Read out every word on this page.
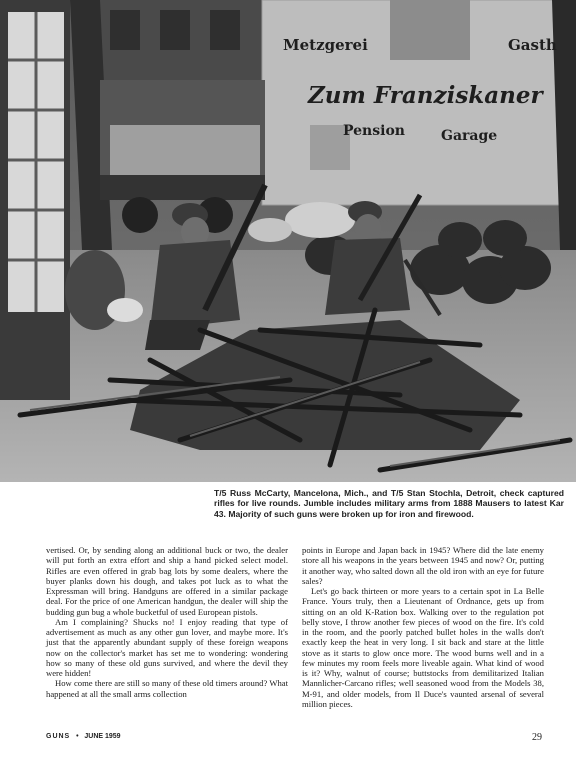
Metzgerei	Gasth
Zum Franziskaner
Pension	Garage
T/5 Russ McCarty, Mancelona, Mich., and T/5 Stan Stochla, Detroit, check captured rifles for live rounds. Jumble includes military arms from 1888 Mausers to latest Kar 43. Majority of such guns were broken up for iron and firewood.

vertised. Or, by sending along an additional buck or two, the dealer will put forth an extra effort and ship a hand picked select model. Rifles are even offered in grab bag lots by some dealers, where the buyer planks down his dough, and takes pot luck as to what the Expressman will bring. Handguns are offered in a similar package deal. For the price of one American handgun, the dealer will ship the budding gun bug a whole bucketful of used European pistols.

Am I complaining? Shucks no! I enjoy reading that type of advertisement as much as any other gun lover, and maybe more. It's just that the apparently abundant supply of these foreign weapons now on the collector's market has set me to wondering: wondering how so many of these old guns survived, and where the devil they were hidden!

How come there are still so many of these old timers around? What happened at all the small arms collection

points in Europe and Japan back in 1945? Where did the late enemy store all his weapons in the years between 1945 and now? Or, putting it another way, who salted down all the old iron with an eye for future sales?

Let's go back thirteen or more years to a certain spot in La Belle France. Yours truly, then a Lieutenant of Ordnance, gets up from sitting on an old K-Ration box. Walking over to the regulation pot belly stove, I throw another few pieces of wood on the fire. It's cold in the room, and the poorly patched bullet holes in the walls don't exactly keep the heat in very long. I sit back and stare at the little stove as it starts to glow once more. The wood burns well and in a few minutes my room feels more liveable again. What kind of wood is it? Why, walnut of course; buttstocks from demilitarized Italian Mannlicher-Carcano rifles; well seasoned wood from the Models 38, M-91, and older models, from Il Duce's vaunted arsenal of several million pieces.

GUNS • JUNE 1959	29
